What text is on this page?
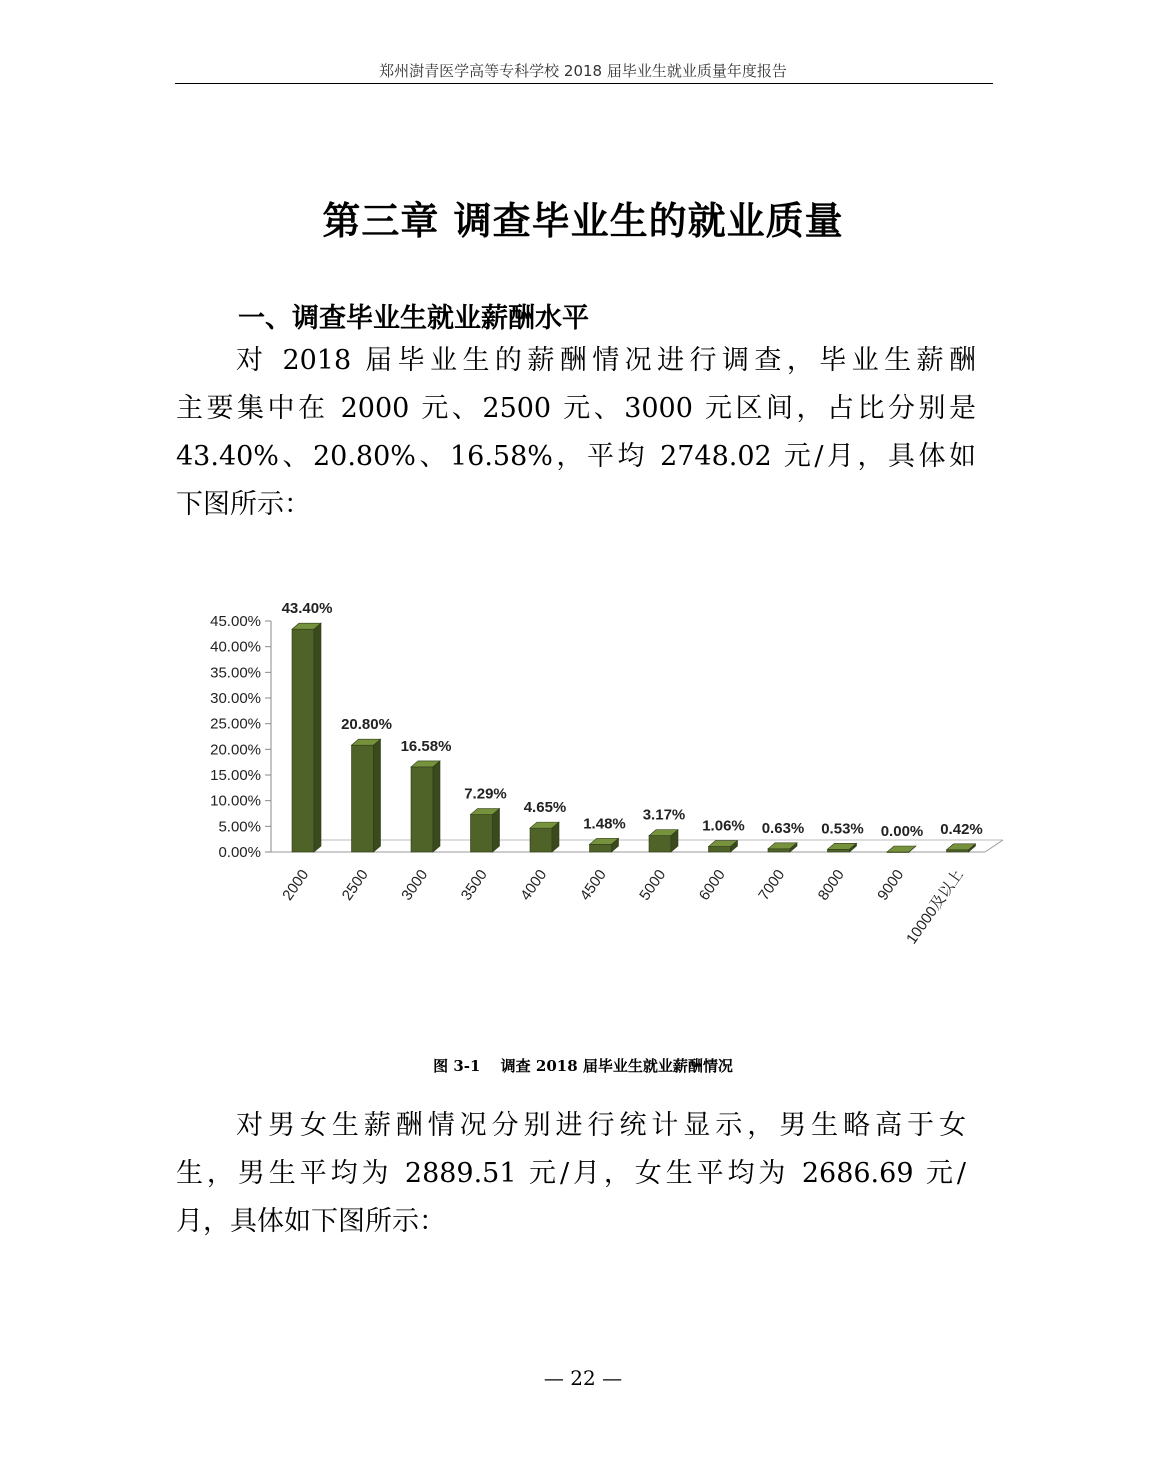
郑州澍青医学高等专科学校 2018 届毕业生就业质量年度报告
第三章 调查毕业生的就业质量
一、调查毕业生就业薪酬水平
对 2018 届毕业生的薪酬情况进行调查，毕业生薪酬
主要集中在 2000 元、2500 元、3000 元区间，占比分别是
43.40%、20.80%、16.58%，平均 2748.02 元/月，具体如
下图所示：
0.00%
5.00%
10.00%
15.00%
20.00%
25.00%
30.00%
35.00%
40.00%
45.00%
43.40%
2000
20.80%
2500
16.58%
3000
7.29%
3500
4.65%
4000
1.48%
4500
3.17%
5000
1.06%
6000
0.63%
7000
0.53%
8000
0.00%
9000
0.42%
10000及以上
图 3-1　 调查 2018 届毕业生就业薪酬情况
对男女生薪酬情况分别进行统计显示，男生略高于女
生，男生平均为 2889.51 元/月，女生平均为 2686.69 元/
月，具体如下图所示：
— 22 —
